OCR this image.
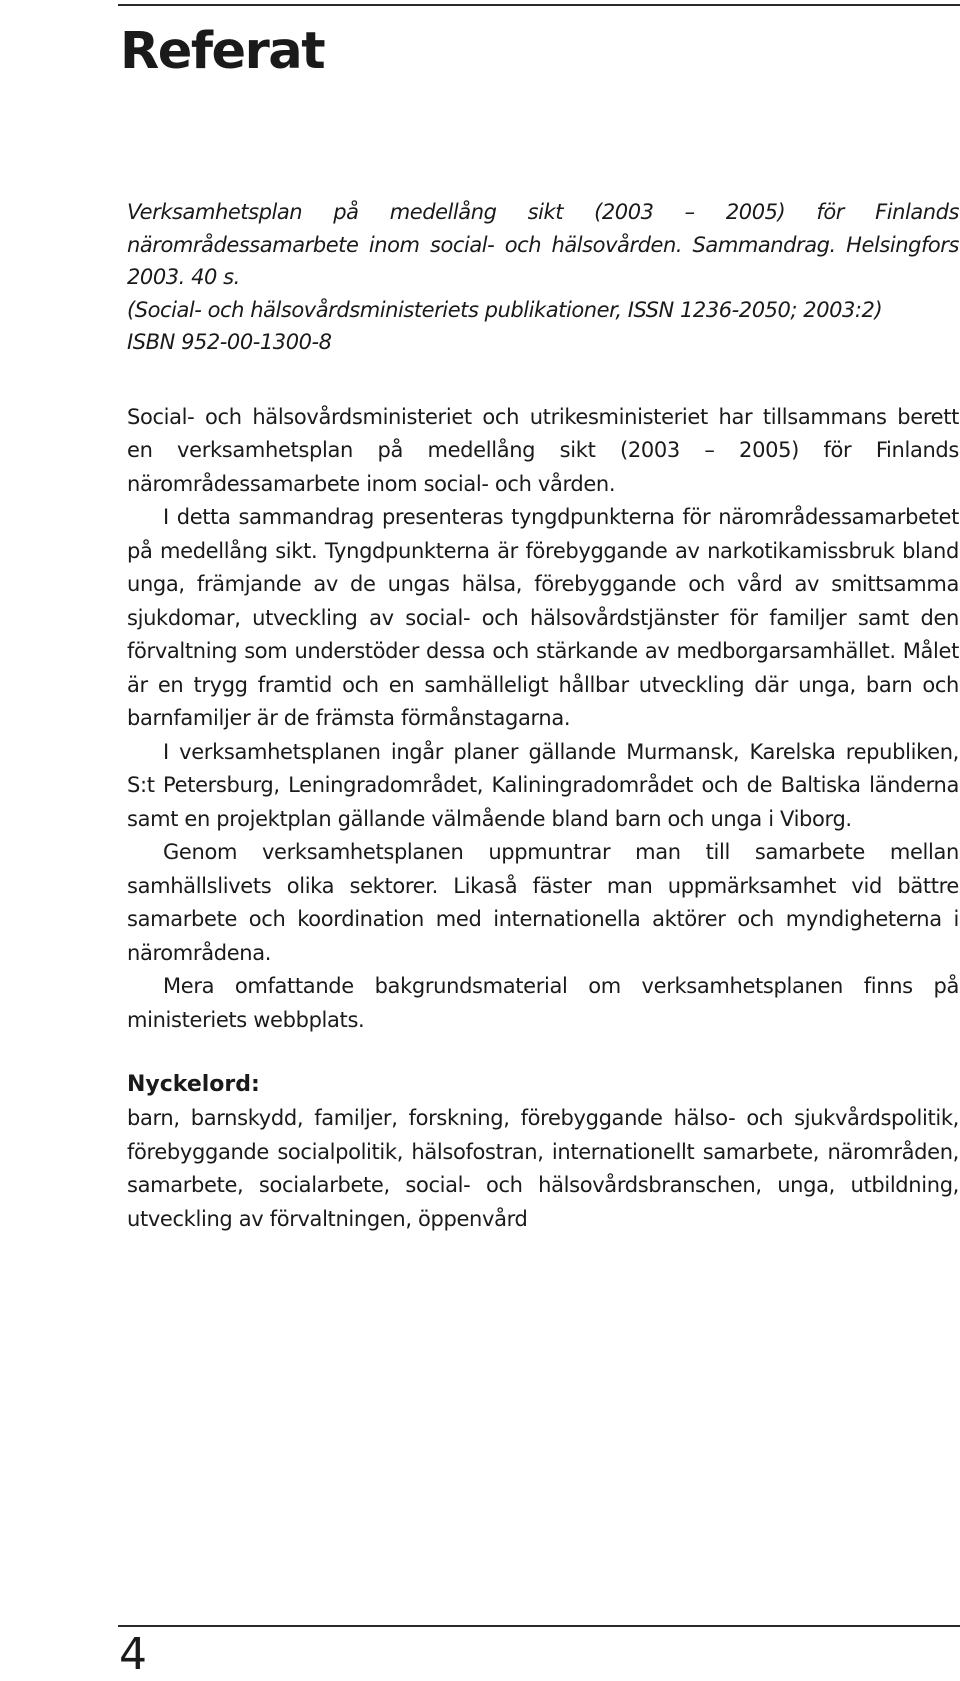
Referat
Verksamhetsplan på medellång sikt (2003 – 2005) för Finlands närområdessamarbete inom social- och hälsovården. Sammandrag. Helsingfors 2003. 40 s.
(Social- och hälsovårdsministeriets publikationer, ISSN 1236-2050; 2003:2)
ISBN 952-00-1300-8

Social- och hälsovårdsministeriet och utrikesministeriet har tillsammans berett en verksamhetsplan på medellång sikt (2003 – 2005) för Finlands närområdessamarbete inom social- och vården.

I detta sammandrag presenteras tyngdpunkterna för närområdessamarbetet på medellång sikt. Tyngdpunkterna är förebyggande av narkotikamissbruk bland unga, främjande av de ungas hälsa, förebyggande och vård av smittsamma sjukdomar, utveckling av social- och hälsovårdstjänster för familjer samt den förvaltning som understöder dessa och stärkande av medborgarsamhället. Målet är en trygg framtid och en samhälleligt hållbar utveckling där unga, barn och barnfamiljer är de främsta förmånstagarna.

I verksamhetsplanen ingår planer gällande Murmansk, Karelska republiken, S:t Petersburg, Leningradområdet, Kaliningradområdet och de Baltiska länderna samt en projektplan gällande välmående bland barn och unga i Viborg.

Genom verksamhetsplanen uppmuntrar man till samarbete mellan samhällslivets olika sektorer. Likaså fäster man uppmärksamhet vid bättre samarbete och koordination med internationella aktörer och myndigheterna i närområdena.

Mera omfattande bakgrundsmaterial om verksamhetsplanen finns på ministeriets webbplats.

Nyckelord:

barn, barnskydd, familjer, forskning, förebyggande hälso- och sjukvårdspolitik, förebyggande socialpolitik, hälsofostran, internationellt samarbete, närområden, samarbete, socialarbete, social- och hälsovårdsbranschen, unga, utbildning, utveckling av förvaltningen, öppenvård

4
